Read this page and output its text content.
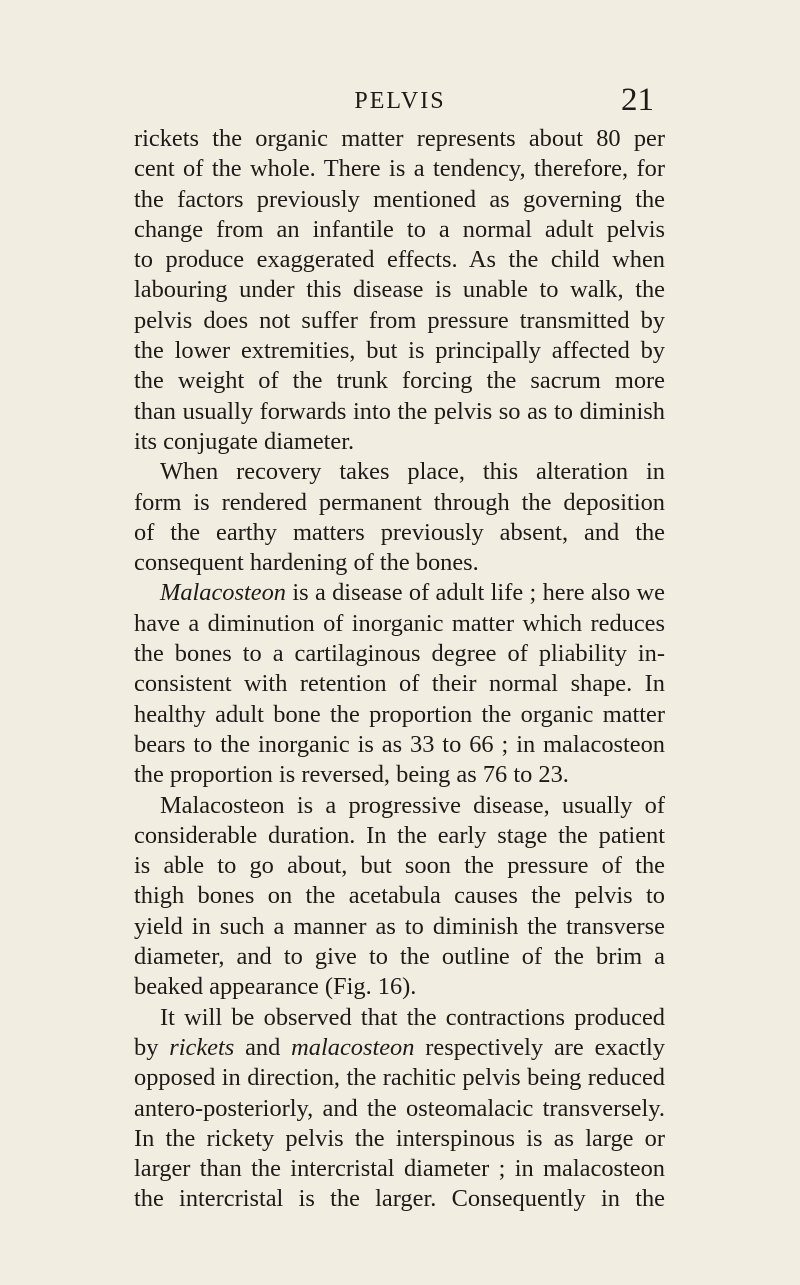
PELVIS	21
rickets the organic matter represents about 80 per
cent of the whole. There is a tendency, therefore, for
the factors previously mentioned as governing the
change from an infantile to a normal adult pelvis
to produce exaggerated effects. As the child when
labouring under this disease is unable to walk, the
pelvis does not suffer from pressure transmitted by
the lower extremities, but is principally affected by
the weight of the trunk forcing the sacrum more
than usually forwards into the pelvis so as to diminish
its conjugate diameter.
When recovery takes place, this alteration in
form is rendered permanent through the deposition
of the earthy matters previously absent, and the
consequent hardening of the bones.
Malacosteon is a disease of adult life ; here also we
have a diminution of inorganic matter which reduces
the bones to a cartilaginous degree of pliability in-
consistent with retention of their normal shape. In
healthy adult bone the proportion the organic matter
bears to the inorganic is as 33 to 66 ; in malacosteon
the proportion is reversed, being as 76 to 23.
Malacosteon is a progressive disease, usually of
considerable duration. In the early stage the patient
is able to go about, but soon the pressure of the
thigh bones on the acetabula causes the pelvis to
yield in such a manner as to diminish the transverse
diameter, and to give to the outline of the brim a
beaked appearance (Fig. 16).
It will be observed that the contractions produced
by rickets and malacosteon respectively are exactly
opposed in direction, the rachitic pelvis being reduced
antero-posteriorly, and the osteomalacic transversely.
In the rickety pelvis the interspinous is as large or
larger than the intercristal diameter ; in malacosteon
the intercristal is the larger. Consequently in the
